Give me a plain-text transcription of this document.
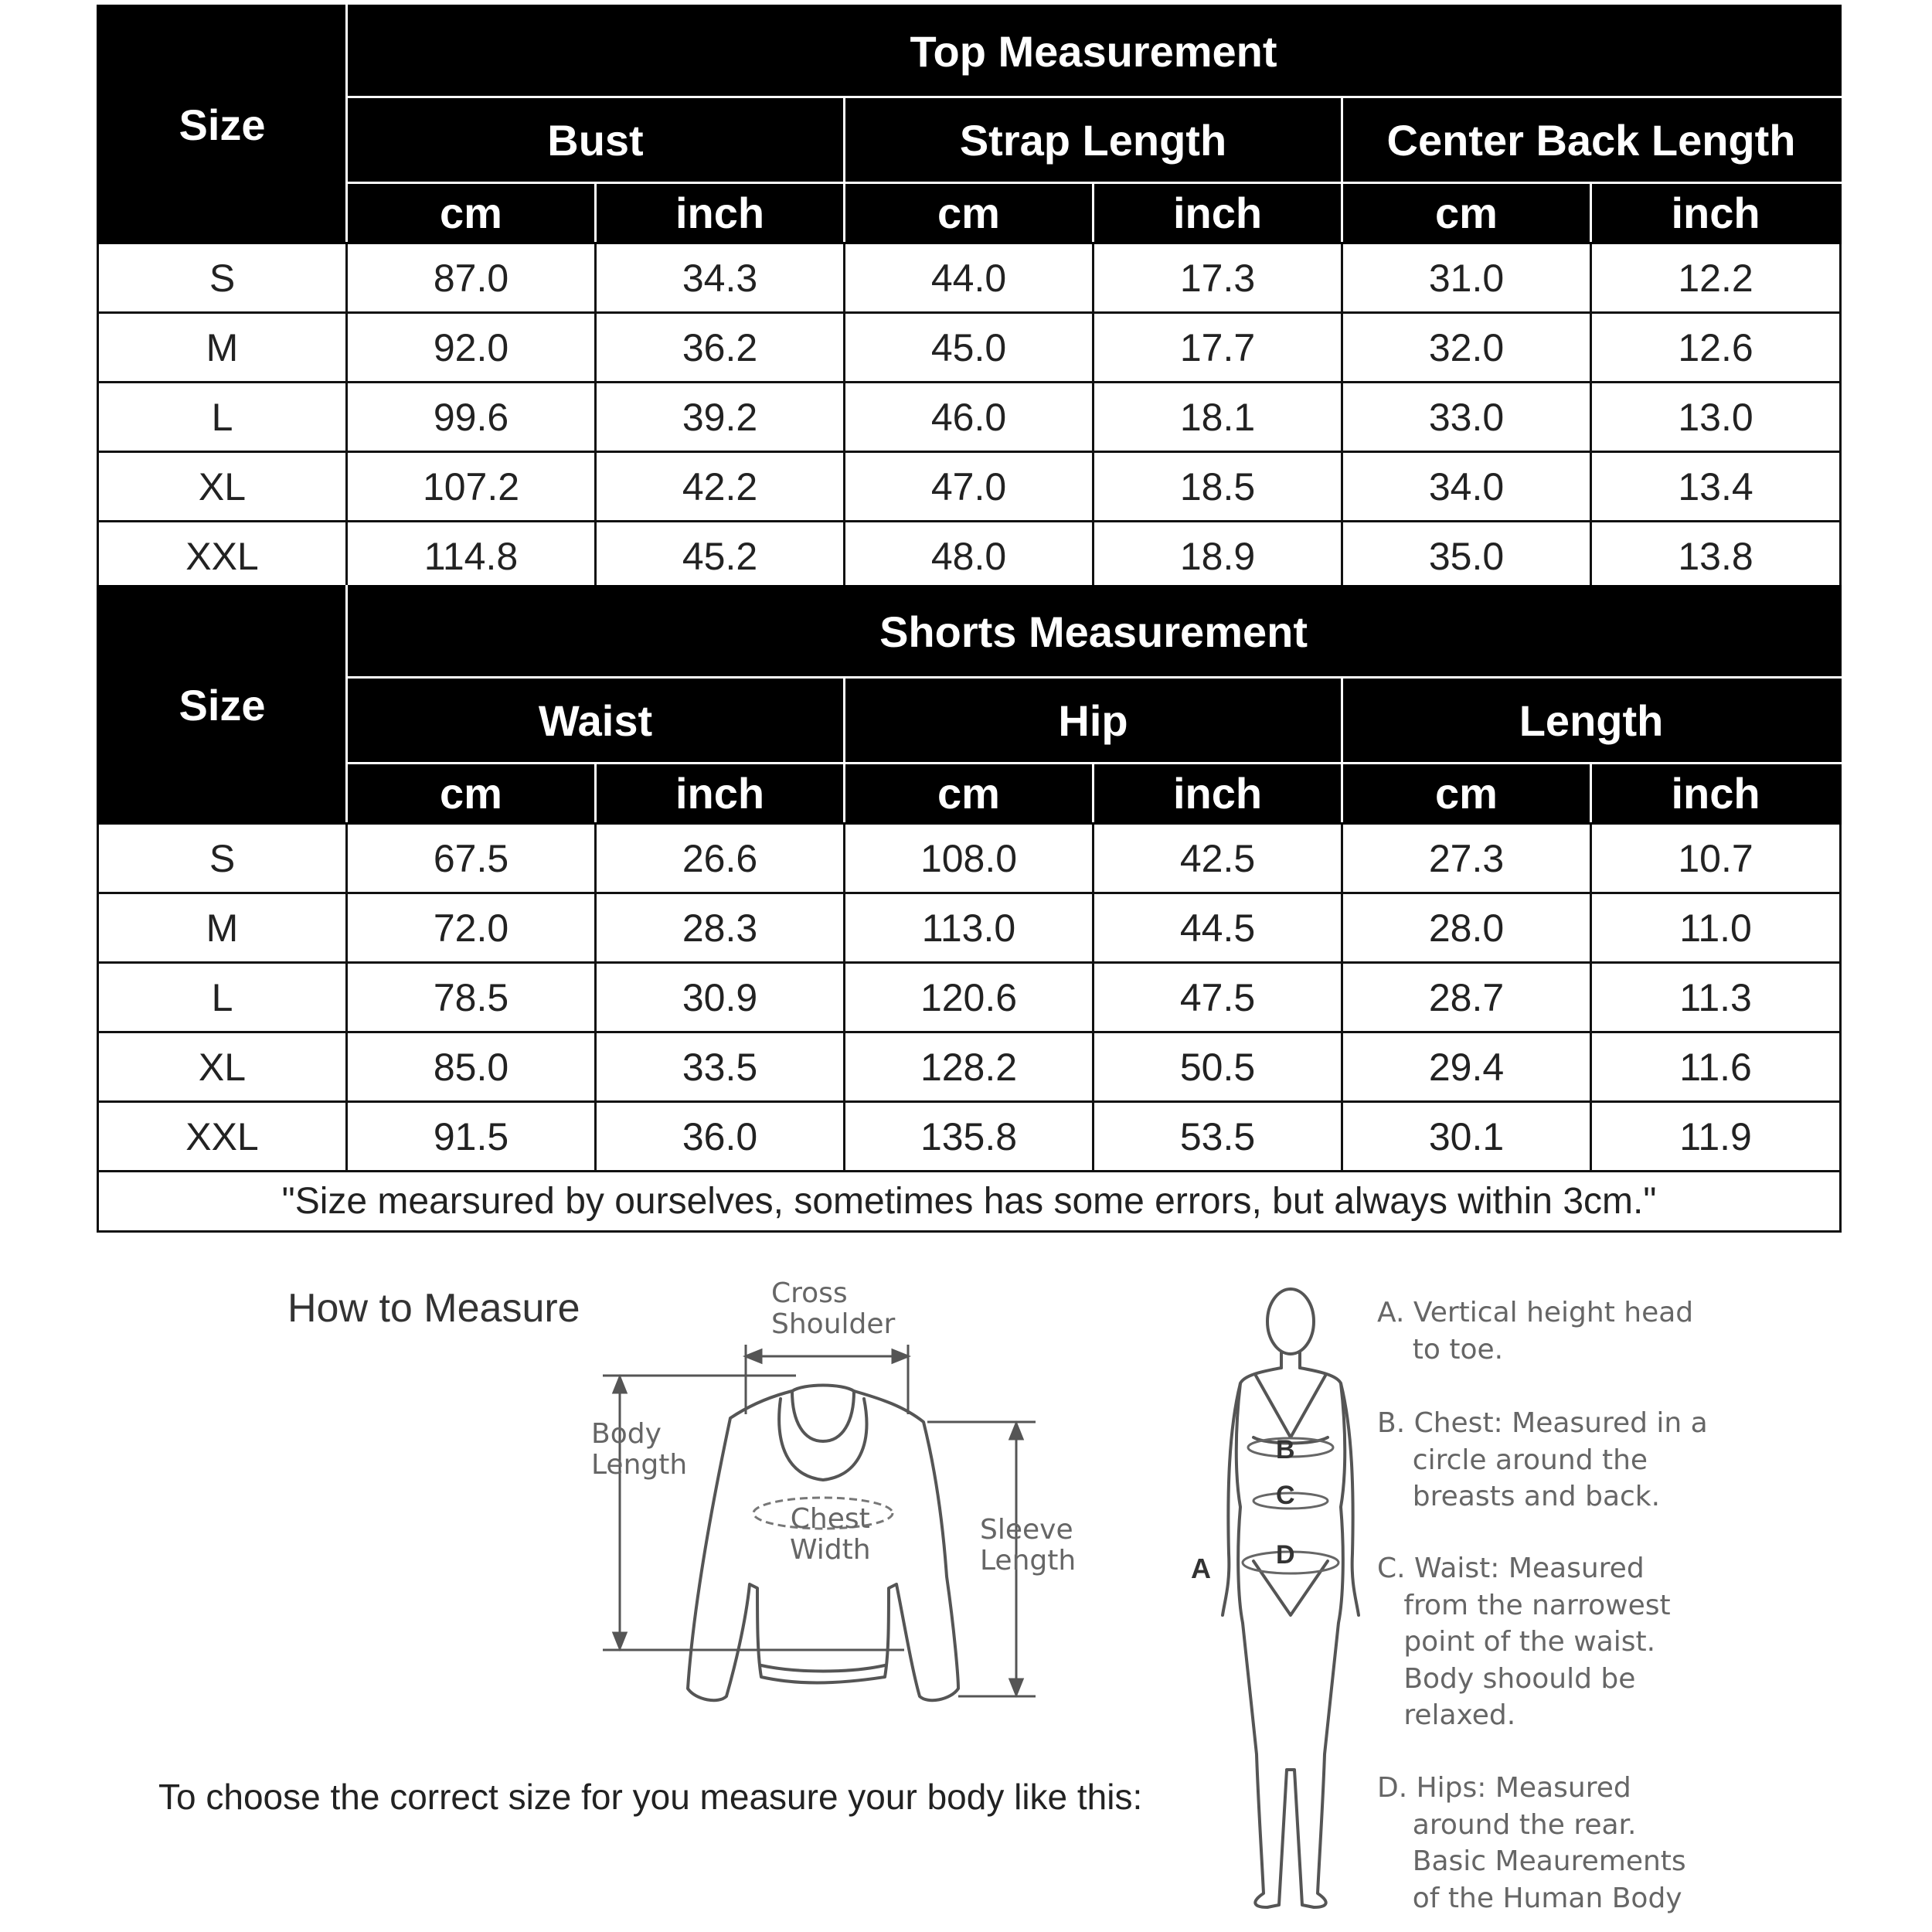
Size	Top Measurement					
	Bust		Strap Length		Center Back Length	
	cm	inch	cm	inch	cm	inch
S	87.0	34.3	44.0	17.3	31.0	12.2
M	92.0	36.2	45.0	17.7	32.0	12.6
L	99.6	39.2	46.0	18.1	33.0	13.0
XL	107.2	42.2	47.0	18.5	34.0	13.4
XXL	114.8	45.2	48.0	18.9	35.0	13.8
Size	Shorts Measurement					
	Waist		Hip		Length	
	cm	inch	cm	inch	cm	inch
S	67.5	26.6	108.0	42.5	27.3	10.7
M	72.0	28.3	113.0	44.5	28.0	11.0
L	78.5	30.9	120.6	47.5	28.7	11.3
XL	85.0	33.5	128.2	50.5	29.4	11.6
XXL	91.5	36.0	135.8	53.5	30.1	11.9
"Size mearsured by ourselves, sometimes has some errors, but always within 3cm."						
How to Measure
To choose the correct size for you measure your body like this:
Cross
Shoulder
Body
Length
Chest
Width
Sleeve
Length
B
C
D
A
A. Vertical height head
to toe.
B. Chest: Measured in a
circle around the
breasts and back.
C. Waist: Measured
from the narrowest
point of the waist.
Body shoould be
relaxed.
D. Hips: Measured
around the rear.
Basic Meaurements
of the Human Body
